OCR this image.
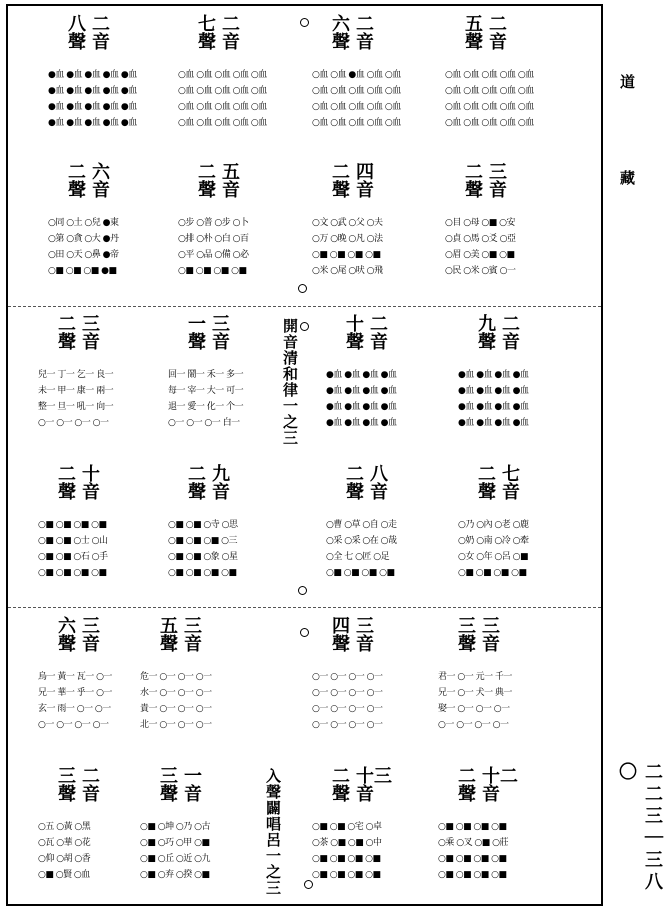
八 二
聲 音
●血 ●血 ●血 ●血 ●血
●血 ●血 ●血 ●血 ●血
●血 ●血 ●血 ●血 ●血
●血 ●血 ●血 ●血 ●血
七 二
聲 音
○血 ○血 ○血 ○血 ○血
○血 ○血 ○血 ○血 ○血
○血 ○血 ○血 ○血 ○血
○血 ○血 ○血 ○血 ○血
六 二
聲 音
○血 ○血 ●血 ○血 ○血
○血 ○血 ○血 ○血 ○血
○血 ○血 ○血 ○血 ○血
○血 ○血 ○血 ○血 ○血
五 二
聲 音
○血 ○血 ○血 ○血 ○血
○血 ○血 ○血 ○血 ○血
○血 ○血 ○血 ○血 ○血
○血 ○血 ○血 ○血 ○血
二 六
聲 音
○同 ○土 ○兒 ●東
○第 ○貪 ○大 ●丹
○田 ○天 ○鼻 ●帝
○■ ○■ ○■ ●■
二 五
聲 音
○步 ○普 ○步 ○卜
○排 ○朴 ○白 ○百
○平 ○品 ○備 ○必
○■ ○■ ○■ ○■
二 四
聲 音
○文 ○武 ○父 ○夫
○万 ○晚 ○凡 ○法
○■ ○■ ○■ ○■
○米 ○尾 ○吠 ○飛
二 三
聲 音
○目 ○母 ○■ ○安
○貞 ○馬 ○爻 ○亞
○眉 ○美 ○■ ○■
○民 ○米 ○賓 ○一
二 三
聲 音
兒一 丁一 乞一 良一
未一 甲一 康一 兩一
整一 旦一 吼一 向一
○一 ○一 ○一 ○一
一 三
聲 音
回一 鬧一 禾一 多一
每一 宰一 大一 可一
退一 愛一 化一 个一
○一 ○一 ○一 白一
十 二
聲 音
●血 ●血 ●血 ●血
●血 ●血 ●血 ●血
●血 ●血 ●血 ●血
●血 ●血 ●血 ●血
九 二
聲 音
●血 ●血 ●血 ●血
●血 ●血 ●血 ●血
●血 ●血 ●血 ●血
●血 ●血 ●血 ●血
二 十
聲 音
○■ ○■ ○■ ○■
○■ ○■ ○士 ○山
○■ ○■ ○石 ○手
○■ ○■ ○■ ○■
二 九
聲 音
○■ ○■ ○寺 ○思
○■ ○■ ○■ ○三
○■ ○■ ○象 ○星
○■ ○■ ○■ ○■
二 八
聲 音
○曹 ○草 ○自 ○走
○采 ○采 ○在 ○哉
○全 七 ○匠 ○足
○■ ○■ ○■ ○■
二 七
聲 音
○乃 ○內 ○老 ○鹿
○奶 ○南 ○冷 ○牽
○女 ○年 ○呂 ○■
○■ ○■ ○■ ○■
六 三
聲 音
烏一 黃一 瓦一 ○一
兄一 華一 乎一 ○一
玄一 雨一 ○一 ○一
○一 ○一 ○一 ○一
五 三
聲 音
危一 ○一 ○一 ○一
水一 ○一 ○一 ○一
貴一 ○一 ○一 ○一
北一 ○一 ○一 ○一
四 三
聲 音
○一 ○一 ○一 ○一
○一 ○一 ○一 ○一
○一 ○一 ○一 ○一
○一 ○一 ○一 ○一
三 三
聲 音
君一 ○一 元一 千一
兄一 ○一 犬一 典一
娶一 ○一 ○一 ○一
○一 ○一 ○一 ○一
三 二
聲 音
○五 ○黃 ○黑
○瓦 ○華 ○花
○仰 ○胡 ○香
○■ ○賢 ○血
三 一
聲 音
○■ ○坤 ○乃 ○古
○■ ○巧 ○甲 ○■
○■ ○丘 ○近 ○九
○■ ○弃 ○揆 ○■
二 十三
聲 音
○■ ○■ ○宅 ○卓
○茶 ○■ ○■ ○中
○■ ○■ ○■ ○■
○■ ○■ ○■ ○■
二 十二
聲 音
○■ ○■ ○■ ○■
○乘 ○叉 ○■ ○莊
○■ ○■ ○■ ○■
○■ ○■ ○■ ○■
開音清和律一之三
入聲闢唱呂一之三
道
藏
二二三｜三八〇
